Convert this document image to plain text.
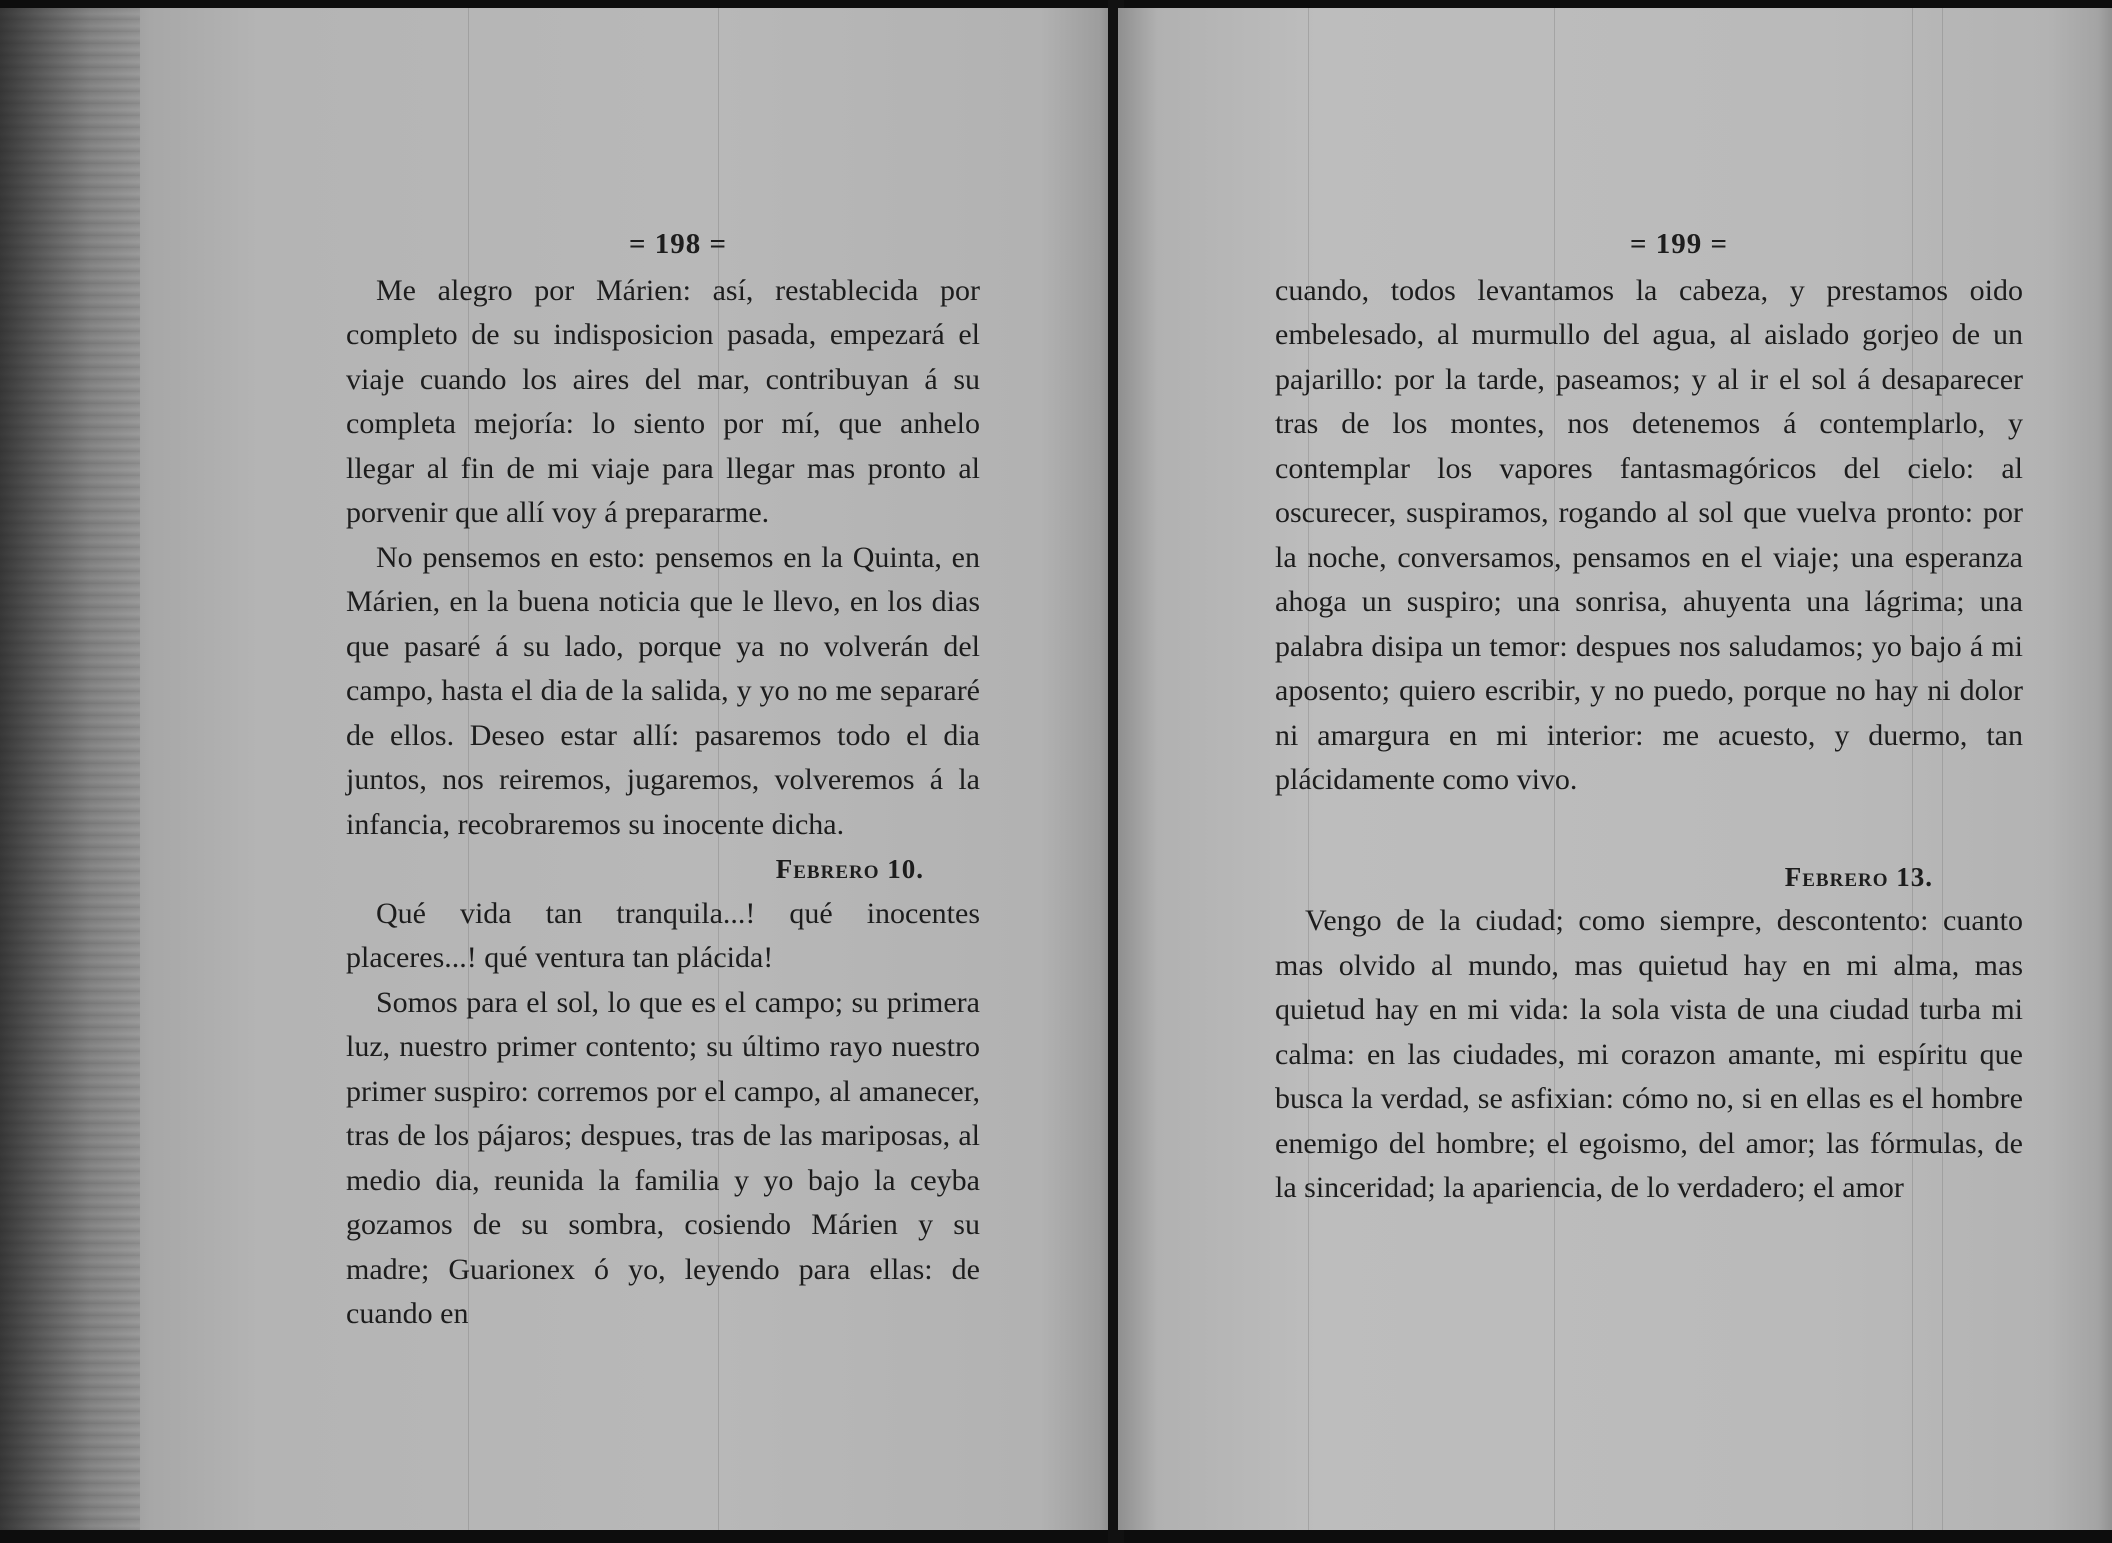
= 198 =

Me alegro por Márien: así, restablecida por completo de su indisposicion pasada, empezará el viaje cuando los aires del mar, contribuyan á su completa mejoría: lo siento por mí, que anhelo llegar al fin de mi viaje para llegar mas pronto al porvenir que allí voy á prepararme.

No pensemos en esto: pensemos en la Quinta, en Márien, en la buena noticia que le llevo, en los dias que pasaré á su lado, porque ya no volverán del campo, hasta el dia de la salida, y yo no me separaré de ellos. Deseo estar allí: pasaremos todo el dia juntos, nos reiremos, jugaremos, volveremos á la infancia, recobraremos su inocente dicha.

Febrero 10.

Qué vida tan tranquila...! qué inocentes placeres...! qué ventura tan plácida!

Somos para el sol, lo que es el campo; su primera luz, nuestro primer contento; su último rayo nuestro primer suspiro: corremos por el campo, al amanecer, tras de los pájaros; despues, tras de las mariposas, al medio dia, reunida la familia y yo bajo la ceyba gozamos de su sombra, cosiendo Márien y su madre; Guarionex ó yo, leyendo para ellas: de cuando en

= 199 =

cuando, todos levantamos la cabeza, y prestamos oido embelesado, al murmullo del agua, al aislado gorjeo de un pajarillo: por la tarde, paseamos; y al ir el sol á desaparecer tras de los montes, nos detenemos á contemplarlo, y contemplar los vapores fantasmagóricos del cielo: al oscurecer, suspiramos, rogando al sol que vuelva pronto: por la noche, conversamos, pensamos en el viaje; una esperanza ahoga un suspiro; una sonrisa, ahuyenta una lágrima; una palabra disipa un temor: despues nos saludamos; yo bajo á mi aposento; quiero escribir, y no puedo, porque no hay ni dolor ni amargura en mi interior: me acuesto, y duermo, tan plácidamente como vivo.

Febrero 13.

Vengo de la ciudad; como siempre, descontento: cuanto mas olvido al mundo, mas quietud hay en mi alma, mas quietud hay en mi vida: la sola vista de una ciudad turba mi calma: en las ciudades, mi corazon amante, mi espíritu que busca la verdad, se asfixian: cómo no, si en ellas es el hombre enemigo del hombre; el egoismo, del amor; las fórmulas, de la sinceridad; la apariencia, de lo verdadero; el amor
